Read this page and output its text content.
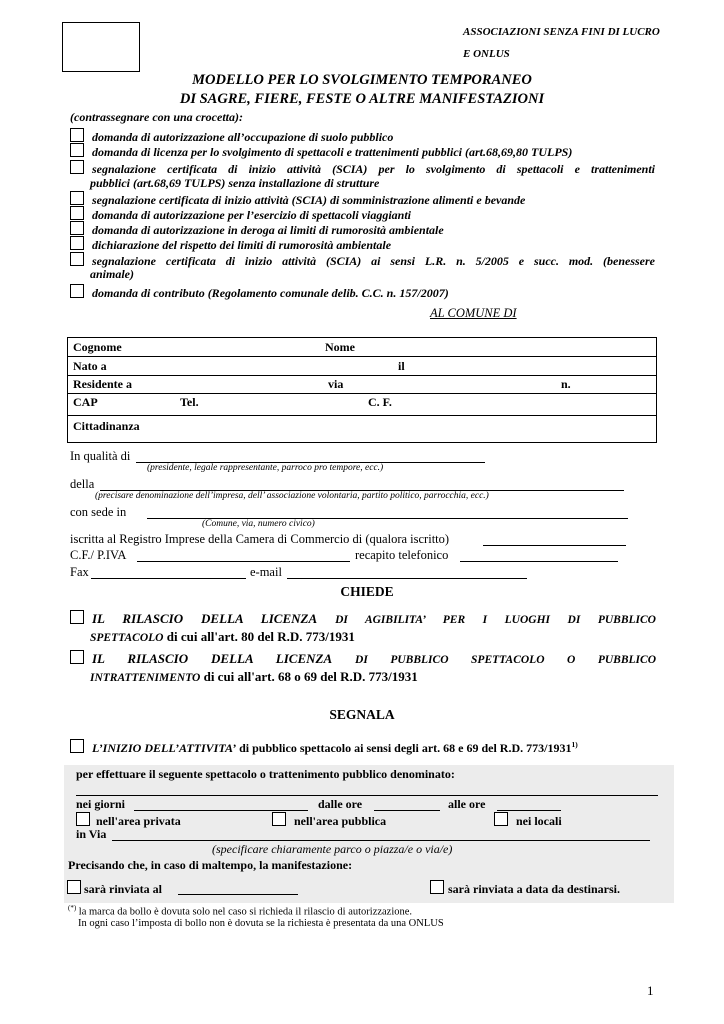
ASSOCIAZIONI SENZA FINI DI LUCRO
E ONLUS
MODELLO PER LO SVOLGIMENTO TEMPORANEO
DI SAGRE, FIERE, FESTE O ALTRE MANIFESTAZIONI
(contrassegnare con una crocetta):
domanda di autorizzazione all’occupazione di suolo pubblico
domanda di licenza per lo svolgimento di spettacoli e trattenimenti pubblici (art.68,69,80 TULPS)
segnalazione certificata di inizio attività (SCIA) per lo svolgimento di spettacoli e trattenimenti
pubblici (art.68,69 TULPS) senza installazione di strutture
segnalazione certificata di inizio attività (SCIA) di somministrazione alimenti e bevande
domanda di autorizzazione per l’esercizio di spettacoli viaggianti
domanda di autorizzazione in deroga ai limiti di rumorosità ambientale
dichiarazione del rispetto dei limiti di rumorosità ambientale
segnalazione certificata di inizio attività (SCIA) ai sensi L.R. n. 5/2005 e succ. mod. (benessere
animale)
domanda di contributo (Regolamento comunale delib. C.C. n. 157/2007)
AL COMUNE DI
Cognome	Nome
Nato a	il
Residente a	via	n.
CAP	Tel.	C. F.
Cittadinanza
In qualità di
(presidente, legale rappresentante, parroco pro tempore, ecc.)
della
(precisare denominazione dell’impresa, dell’ associazione volontaria, partito politico, parrocchia, ecc.)
con sede in
(Comune, via, numero civico)
iscritta al Registro Imprese della Camera di Commercio di (qualora iscritto)
C.F./ P.IVA	recapito telefonico
Fax	e-mail
CHIEDE
IL RILASCIO DELLA LICENZA DI AGIBILITA’ PER I LUOGHI DI PUBBLICO
SPETTACOLO di cui all'art. 80 del R.D. 773/1931
IL RILASCIO DELLA LICENZA DI PUBBLICO SPETTACOLO O PUBBLICO
INTRATTENIMENTO di cui all'art. 68 o 69 del R.D. 773/1931
SEGNALA
L’INIZIO DELL’ATTIVITA’ di pubblico spettacolo ai sensi degli art. 68 e 69 del R.D. 773/1931$^{1)}$
per effettuare il seguente spettacolo o trattenimento pubblico denominato:
nei giorni	dalle ore	alle ore
nell'area privata	nell'area pubblica	nei locali
in Via
(specificare chiaramente parco o piazza/e o via/e)
Precisando che, in caso di maltempo, la manifestazione:
sarà rinviata al	sarà rinviata a data da destinarsi.
(*) la marca da bollo è dovuta solo nel caso si richieda il rilascio di autorizzazione.
In ogni caso l’imposta di bollo non è dovuta se la richiesta è presentata da una ONLUS
1
